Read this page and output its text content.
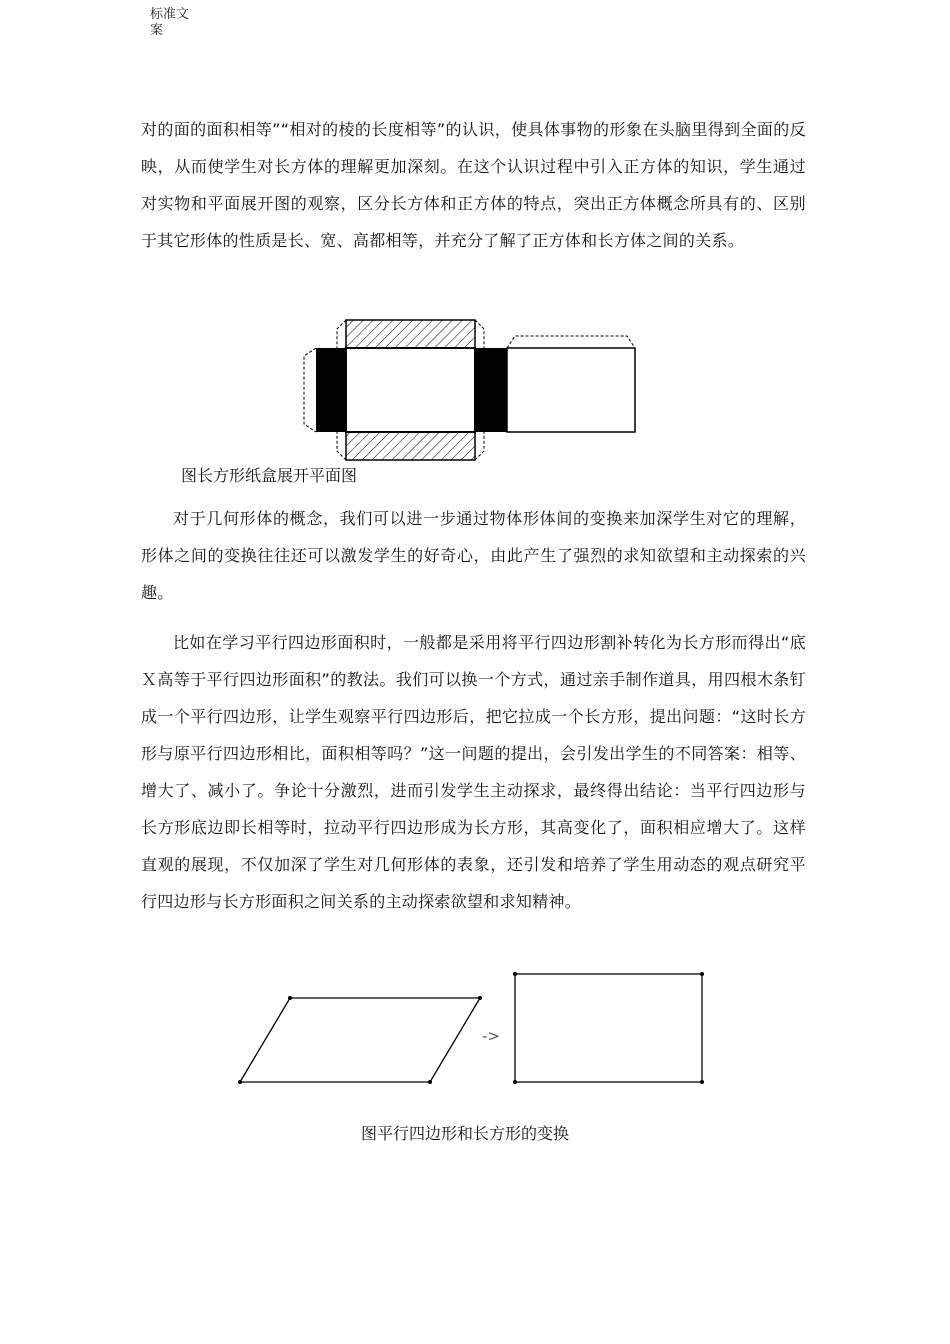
标准文
案

对的面的面积相等”“相对的棱的长度相等”的认识，使具体事物的形象在头脑里得到全面的反映，从而使学生对长方体的理解更加深刻。在这个认识过程中引入正方体的知识，学生通过对实物和平面展开图的观察，区分长方体和正方体的特点，突出正方体概念所具有的、区别于其它形体的性质是长、宽、高都相等，并充分了解了正方体和长方体之间的关系。

图长方形纸盒展开平面图

对于几何形体的概念，我们可以进一步通过物体形体间的变换来加深学生对它的理解，形体之间的变换往往还可以激发学生的好奇心，由此产生了强烈的求知欲望和主动探索的兴趣。

比如在学习平行四边形面积时，一般都是采用将平行四边形割补转化为长方形而得出“底Ｘ高等于平行四边形面积”的教法。我们可以换一个方式，通过亲手制作道具，用四根木条钉成一个平行四边形，让学生观察平行四边形后，把它拉成一个长方形，提出问题：“这时长方形与原平行四边形相比，面积相等吗？”这一问题的提出，会引发出学生的不同答案：相等、增大了、减小了。争论十分激烈，进而引发学生主动探求，最终得出结论：当平行四边形与长方形底边即长相等时，拉动平行四边形成为长方形，其高变化了，面积相应增大了。这样直观的展现，不仅加深了学生对几何形体的表象，还引发和培养了学生用动态的观点研究平行四边形与长方形面积之间关系的主动探索欲望和求知精神。

->
图平行四边形和长方形的变换
